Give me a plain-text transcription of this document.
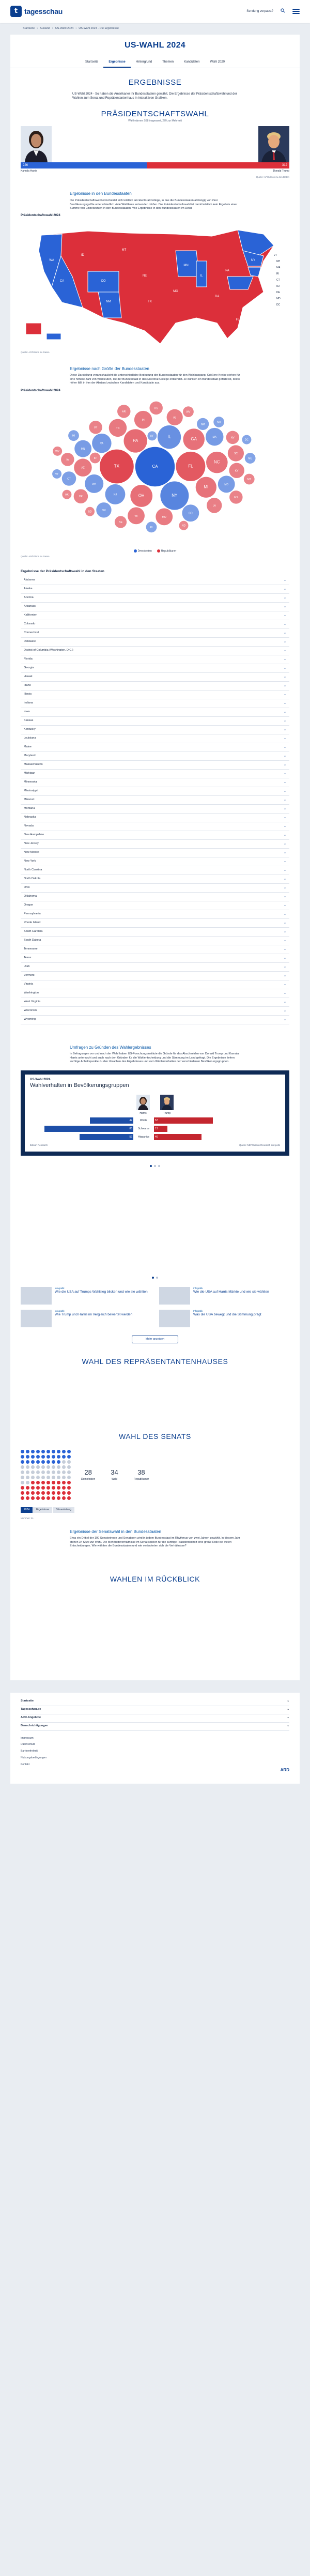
t tagesschau	Sendung verpasst?
Startseite › Ausland › US-Wahl 2024 › US-Wahl 2024 - Die Ergebnisse
US-WAHL 2024
Startseite	Ergebnisse	Hintergrund	Themen	Kandidaten	Wahl 2020
ERGEBNISSE

US-Wahl 2024 - So haben die Amerikaner ihr Bundesstaaten gewählt. Die Ergebnisse der Präsidentschaftswahl und der Wahlen zum Senat und Repräsentantenhaus in interaktiven Grafiken.

PRÄSIDENTSCHAFTSWAHL
Wahlmänner: 538 insgesamt, 270 zur Mehrheit
226	312
Kamala Harris	Donald Trump
Quelle: AP/Edison zu den Daten
Ergebnisse in den Bundesstaaten

Die Präsidentschaftswahl entscheidet sich letztlich am Electoral College, in das die Bundesstaaten abhängig von ihrer Bevölkerungsgröße unterschiedlich viele Wahlleute entsenden dürfen. Die Präsidentschaftswahl ist damit letztlich kein Ergebnis einer Summe von Einzelwahlen in den Bundesstaaten. Wie Ergebnisse in den Bundesstaaten im Detail

Präsidentschaftswahl 2024
WA
CA	CO
NM
MN
IL
TX
GA
FL
ID
MT
NE
MO
PA
NY
VT
NH
MA
RI
CT
NJ
DE
MD
DC
Quelle: AP/Edison zu Daten
Ergebnisse nach Größe der Bundesstaaten

Diese Darstellung veranschaulicht die unterschiedliche Bedeutung der Bundesstaaten für den Wahlausgang. Größere Kreise stehen für eine höhere Zahl von Wahlleuten, die der Bundesstaat in das Electoral College entsendet. Je dunkler ein Bundesstaat gefärbt ist, desto höher fällt in ihm der Abstand zwischen Kandidaten und Kandidatin aus.

Präsidentschaftswahl 2024
CA
TX	FL
NY
PA
IL
OH
GA
NC
MI
NJ
VA
WA
AZ
TN
IN
MA
MD
MN
MO
WI
CO
AL
SC
KY
LA
OR
OK
CT
UT
IA
NV
AR
KS
MS
NM
NE
ID
WV
HI
NH
ME
MT
RI
DE
SD
ND
AK
VT
WY
DC
Demokraten	Republikaner
Quelle: AP/Edison zu Daten
Ergebnisse der Präsidentschaftswahl in den Staaten
Alabama	⌄
Alaska	⌄
Arizona	⌄
Arkansas	⌄
Kalifornien	⌄
Colorado	⌄
Connecticut	⌄
Delaware	⌄
District of Columbia (Washington, D.C.)	⌄
Florida	⌄
Georgia	⌄
Hawaii	⌄
Idaho	⌄
Illinois	⌄
Indiana	⌄
Iowa	⌄
Kansas	⌄
Kentucky	⌄
Louisiana	⌄
Maine	⌄
Maryland	⌄
Massachusetts	⌄
Michigan	⌄
Minnesota	⌄
Mississippi	⌄
Missouri	⌄
Montana	⌄
Nebraska	⌄
Nevada	⌄
New Hampshire	⌄
New Jersey	⌄
New Mexico	⌄
New York	⌄
North Carolina	⌄
North Dakota	⌄
Ohio	⌄
Oklahoma	⌄
Oregon	⌄
Pennsylvania	⌄
Rhode Island	⌄
South Carolina	⌄
South Dakota	⌄
Tennessee	⌄
Texas	⌄
Utah	⌄
Vermont	⌄
Virginia	⌄
Washington	⌄
West Virginia	⌄
Wisconsin	⌄
Wyoming	⌄
Umfragen zu Gründen des Wahlergebnisses

In Befragungen vor und nach der Wahl haben US-Forschungsinstitute die Gründe für das Abschneiden von Donald Trump und Kamala Harris untersucht und auch nach den Gründen für die Wahlentscheidung und die Stimmung im Land gefragt. Die Ergebnisse liefern wichtige Anhaltspunkte zu den Ursachen des Ergebnisses und zum Wählerverhalten der verschiedenen Bevölkerungsgruppen.

US-Wahl 2024
Wahlverhalten in Bevölkerungsgruppen
Harris	Trump
42	Weiße	57
86	Schwarze	13
52	Hispanics	46
Edison Research	Quelle: NEP/Edison Research exit polls
Infografik
Wie die USA auf Trumps Wahlsieg blicken und wie sie wählten
Infografik
Wie die USA auf Harris Märkte und wie sie wählten
Infografik
Wie Trump und Harris im Vergleich bewertet werden
Infografik
Was die USA bewegt und die Stimmung prägt
Mehr anzeigen
WAHL DES REPRÄSENTANTENHAUSES
WAHL DES SENATS
28
Demokraten
34
Wahl
38
Republikaner
2024	Ergebnisse	Sitzverteilung
Mehrheit: 51
Ergebnisse der Senatswahl in den Bundesstaaten

Etwa ein Drittel der 100 Senatorinnen und Senatoren wird in jedem Bundesstaat im Rhythmus von zwei Jahren gewählt. In diesem Jahr stehen 34 Sitze zur Wahl. Die Mehrheitsverhältnisse im Senat spielen für die künftige Präsidentschaft eine große Rolle bei vielen Entscheidungen. Wie wählten die Bundesstaaten und wie veränderten sich die Verhältnisse?

WAHLEN IM RÜCKBLICK
Startseite	⌄
Tagesschau.de	⌄
ARD-Angebote	⌄
Benachrichtigungen	⌄
Impressum
Datenschutz
Barrierefreiheit
Nutzungsbedingungen
Kontakt
ARD
